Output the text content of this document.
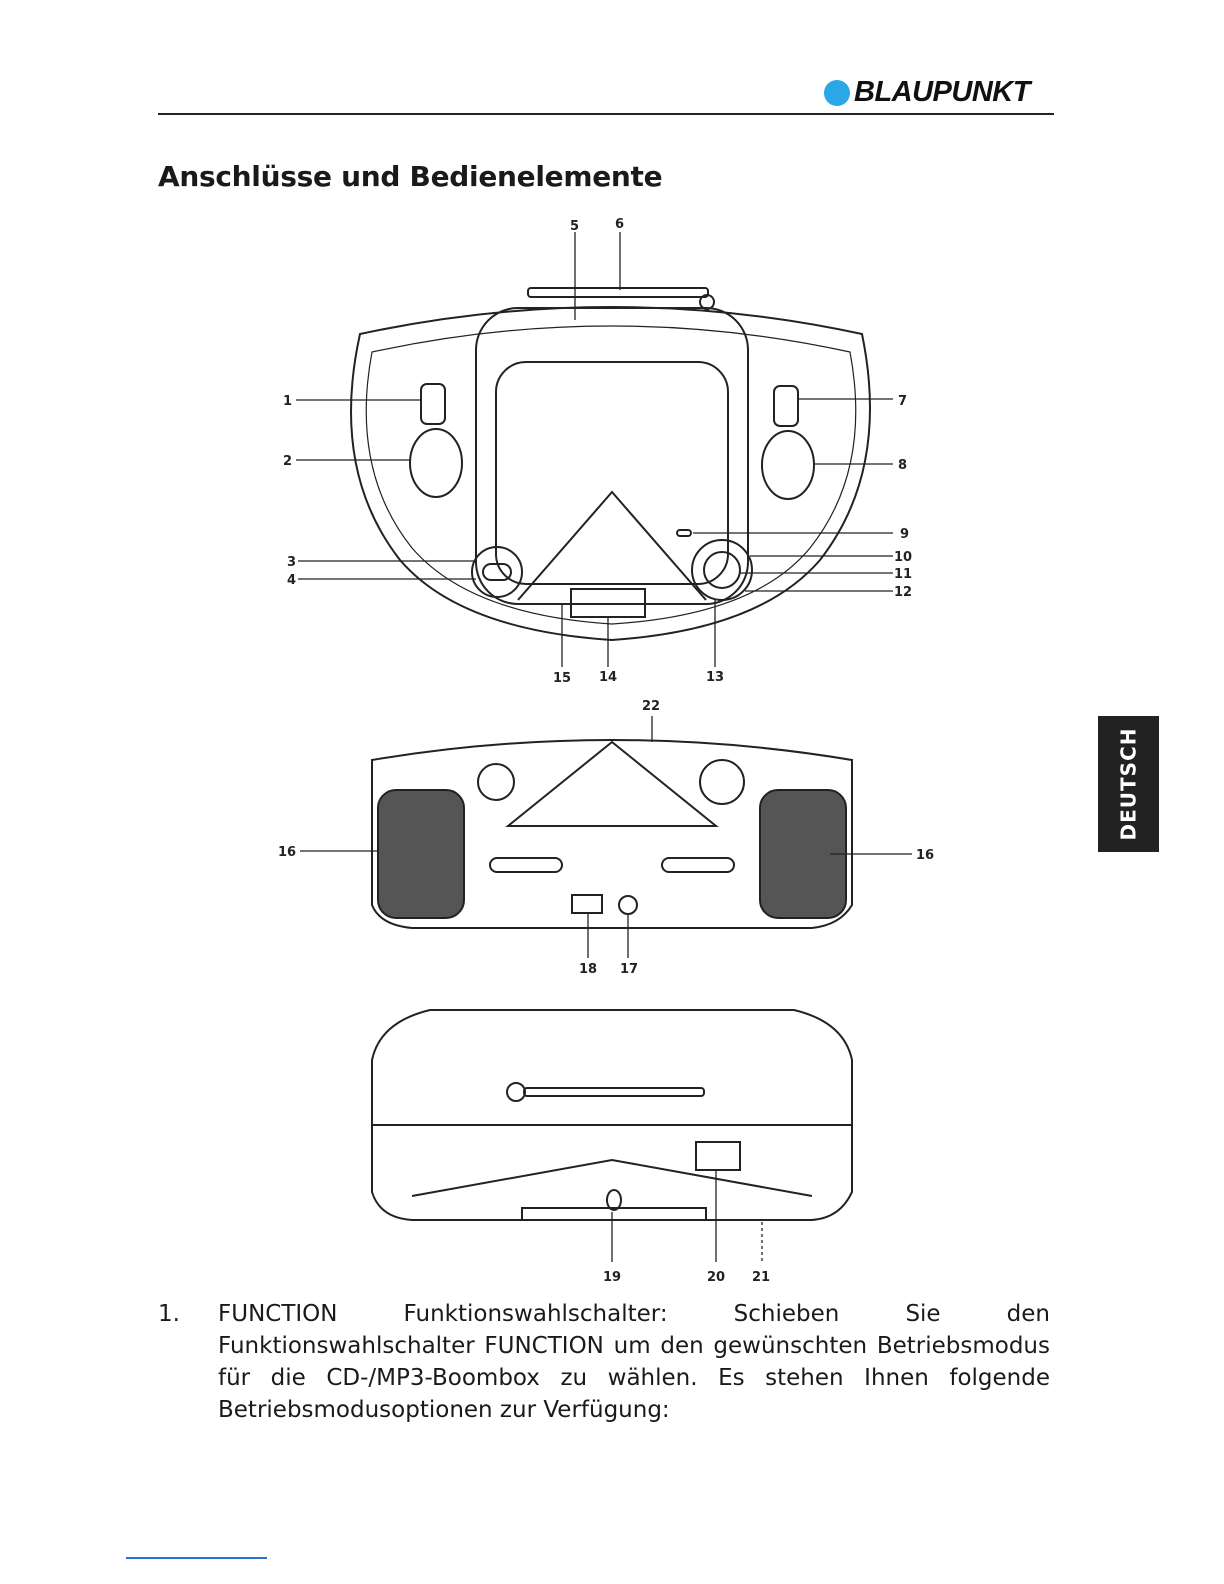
BLAUPUNKT
Anschlüsse und Bedienelemente
DEUTSCH
1
2
3
4
5	6
7
8
9
10
11
12
13
14
15
16	16
17
18
22
19	20 21
1. FUNCTION Funktionswahlschalter: Schieben Sie den Funktionswahlschalter FUNCTION um den gewünschten Betriebsmodus für die CD-/MP3-Boombox zu wählen. Es stehen Ihnen folgende Betriebsmodusoptionen zur Verfügung:
